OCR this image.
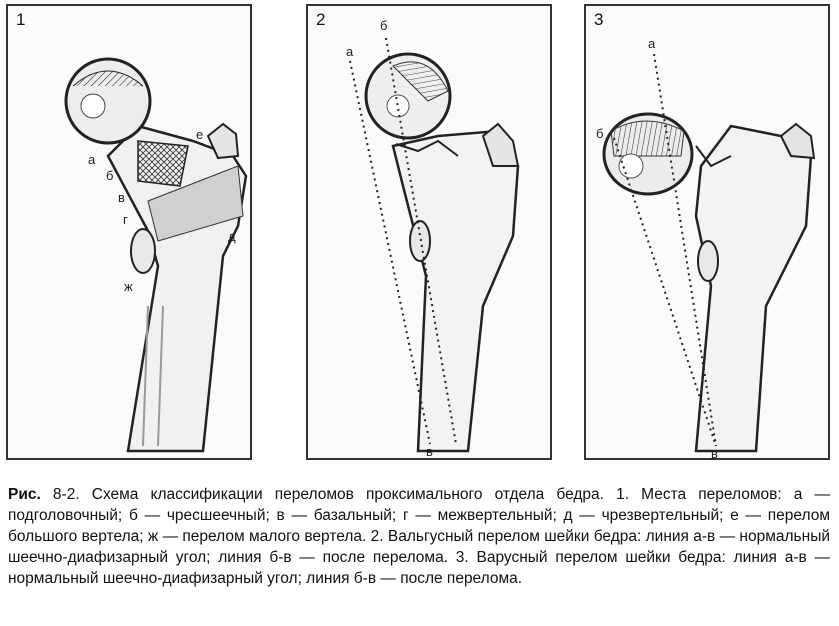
1
а
б
в
г
д
е
ж
2
а
б
в
3
а
б
в
Рис. 8-2. Схема классификации переломов проксимального отдела бедра. 1. Места переломов: а — подголовочный; б — чресшеечный; в — базальный; г — межвертельный; д — чрезвертельный; е — перелом большого вертела; ж — перелом малого вертела. 2. Вальгусный перелом шейки бедра: линия а-в — нормальный шеечно-диафизарный угол; линия б-в — после перелома. 3. Варусный перелом шейки бедра: линия а-в — нормальный шеечно-диафизарный угол; линия б-в — после перелома.
